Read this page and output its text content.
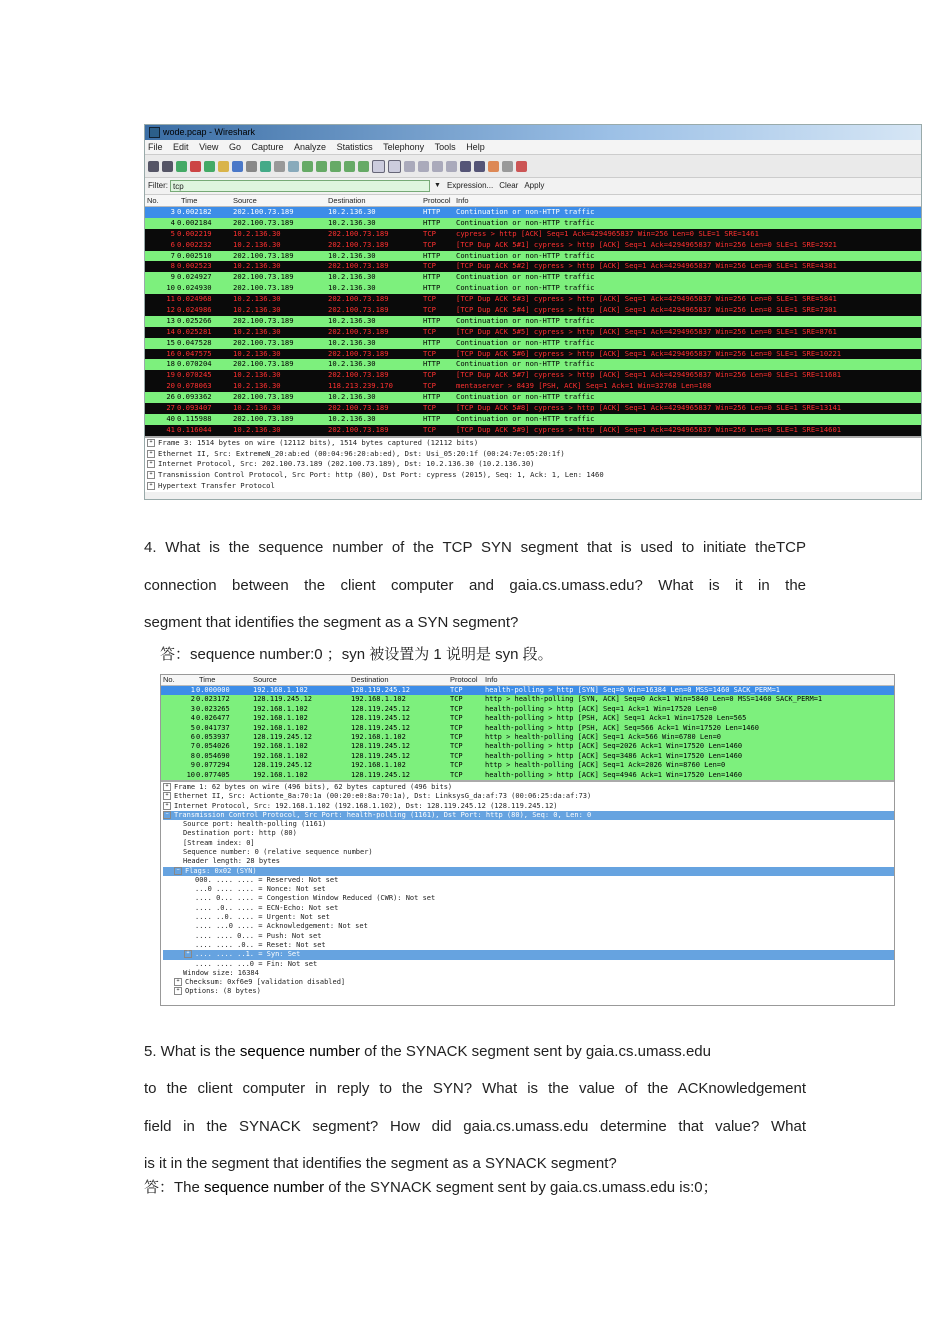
wode.pcap - Wireshark
File Edit View Go Capture Analyze Statistics Telephony Tools Help
Filter: tcp	▼ Expression... Clear Apply
No.	Time	Source	Destination	Protocol Info
3 0.002182	202.100.73.189	10.2.136.30	HTTP Continuation or non-HTTP traffic
4 0.002184	202.100.73.189	10.2.136.30	HTTP Continuation or non-HTTP traffic
5 0.002219	10.2.136.30	202.100.73.189	TCP	cypress > http [ACK] Seq=1 Ack=4294965837 Win=256 Len=0 SLE=1 SRE=1461
6 0.002232	10.2.136.30	202.100.73.189	TCP	[TCP Dup ACK 5#1] cypress > http [ACK] Seq=1 Ack=4294965837 Win=256 Len=0 SLE=1 SRE=2921
7 0.002510	202.100.73.189	10.2.136.30	HTTP Continuation or non-HTTP traffic
8 0.002523	10.2.136.30	202.100.73.189	TCP	[TCP Dup ACK 5#2] cypress > http [ACK] Seq=1 Ack=4294965837 Win=256 Len=0 SLE=1 SRE=4381
9 0.024927	202.100.73.189	10.2.136.30	HTTP Continuation or non-HTTP traffic
10 0.024930	202.100.73.189	10.2.136.30	HTTP Continuation or non-HTTP traffic
11 0.024968	10.2.136.30	202.100.73.189	TCP	[TCP Dup ACK 5#3] cypress > http [ACK] Seq=1 Ack=4294965837 Win=256 Len=0 SLE=1 SRE=5841
12 0.024986	10.2.136.30	202.100.73.189	TCP	[TCP Dup ACK 5#4] cypress > http [ACK] Seq=1 Ack=4294965837 Win=256 Len=0 SLE=1 SRE=7301
13 0.025266	202.100.73.189	10.2.136.30	HTTP Continuation or non-HTTP traffic
14 0.025281	10.2.136.30	202.100.73.189	TCP	[TCP Dup ACK 5#5] cypress > http [ACK] Seq=1 Ack=4294965837 Win=256 Len=0 SLE=1 SRE=8761
15 0.047528	202.100.73.189	10.2.136.30	HTTP Continuation or non-HTTP traffic
16 0.047575	10.2.136.30	202.100.73.189	TCP	[TCP Dup ACK 5#6] cypress > http [ACK] Seq=1 Ack=4294965837 Win=256 Len=0 SLE=1 SRE=10221
18 0.070204	202.100.73.189	10.2.136.30	HTTP Continuation or non-HTTP traffic
19 0.070245	10.2.136.30	202.100.73.189	TCP	[TCP Dup ACK 5#7] cypress > http [ACK] Seq=1 Ack=4294965837 Win=256 Len=0 SLE=1 SRE=11681
20 0.078063	10.2.136.30	118.213.239.170	TCP	mentaserver > 8439 [PSH, ACK] Seq=1 Ack=1 Win=32768 Len=108
26 0.093362	202.100.73.189	10.2.136.30	HTTP Continuation or non-HTTP traffic
27 0.093407	10.2.136.30	202.100.73.189	TCP	[TCP Dup ACK 5#8] cypress > http [ACK] Seq=1 Ack=4294965837 Win=256 Len=0 SLE=1 SRE=13141
40 0.115988	202.100.73.189	10.2.136.30	HTTP Continuation or non-HTTP traffic
41 0.116044	10.2.136.30	202.100.73.189	TCP	[TCP Dup ACK 5#9] cypress > http [ACK] Seq=1 Ack=4294965837 Win=256 Len=0 SLE=1 SRE=14601
+ Frame 3: 1514 bytes on wire (12112 bits), 1514 bytes captured (12112 bits)
+ Ethernet II, Src: ExtremeN_20:ab:ed (00:04:96:20:ab:ed), Dst: Usi_05:20:1f (00:24:7e:05:20:1f)
+ Internet Protocol, Src: 202.100.73.189 (202.100.73.189), Dst: 10.2.136.30 (10.2.136.30)
+ Transmission Control Protocol, Src Port: http (80), Dst Port: cypress (2015), Seq: 1, Ack: 1, Len: 1460
+ Hypertext Transfer Protocol
4. What is the sequence number of the TCP SYN segment that is used to initiate theTCP
connection between the client computer and gaia.cs.umass.edu? What is it in the
segment that identifies the segment as a SYN segment?
答：sequence number:0 ；syn 被设置为 1 说明是 syn 段。
No.	Time	Source	Destination	Protocol Info
1 0.000000	192.168.1.102	128.119.245.12	TCP	health-polling > http [SYN] Seq=0 Win=16384 Len=0 MSS=1460 SACK_PERM=1
2 0.023172	128.119.245.12	192.168.1.102	TCP	http > health-polling [SYN, ACK] Seq=0 Ack=1 Win=5840 Len=0 MSS=1460 SACK_PERM=1
3 0.023265	192.168.1.102	128.119.245.12	TCP	health-polling > http [ACK] Seq=1 Ack=1 Win=17520 Len=0
4 0.026477	192.168.1.102	128.119.245.12	TCP	health-polling > http [PSH, ACK] Seq=1 Ack=1 Win=17520 Len=565
5 0.041737	192.168.1.102	128.119.245.12	TCP	health-polling > http [PSH, ACK] Seq=566 Ack=1 Win=17520 Len=1460
6 0.053937	128.119.245.12	192.168.1.102	TCP	http > health-polling [ACK] Seq=1 Ack=566 Win=6780 Len=0
7 0.054026	192.168.1.102	128.119.245.12	TCP	health-polling > http [ACK] Seq=2026 Ack=1 Win=17520 Len=1460
8 0.054690	192.168.1.102	128.119.245.12	TCP	health-polling > http [ACK] Seq=3486 Ack=1 Win=17520 Len=1460
9 0.077294	128.119.245.12	192.168.1.102	TCP	http > health-polling [ACK] Seq=1 Ack=2026 Win=8760 Len=0
10 0.077405	192.168.1.102	128.119.245.12	TCP	health-polling > http [ACK] Seq=4946 Ack=1 Win=17520 Len=1460
+ Frame 1: 62 bytes on wire (496 bits), 62 bytes captured (496 bits)
+ Ethernet II, Src: Actionte_8a:70:1a (00:20:e0:8a:70:1a), Dst: LinksysG_da:af:73 (00:06:25:da:af:73)
+ Internet Protocol, Src: 192.168.1.102 (192.168.1.102), Dst: 128.119.245.12 (128.119.245.12)
− Transmission Control Protocol, Src Port: health-polling (1161), Dst Port: http (80), Seq: 0, Len: 0
Source port: health-polling (1161)
Destination port: http (80)
[Stream index: 0]
Sequence number: 0 (relative sequence number)
Header length: 28 bytes
− Flags: 0x02 (SYN)
000. .... .... = Reserved: Not set
...0 .... .... = Nonce: Not set
.... 0... .... = Congestion Window Reduced (CWR): Not set
.... .0.. .... = ECN-Echo: Not set
.... ..0. .... = Urgent: Not set
.... ...0 .... = Acknowledgement: Not set
.... .... 0... = Push: Not set
.... .... .0.. = Reset: Not set
+ .... .... ..1. = Syn: Set
.... .... ...0 = Fin: Not set
Window size: 16384
+ Checksum: 0xf6e9 [validation disabled]
+ Options: (8 bytes)
5. What is the sequence number of the SYNACK segment sent by gaia.cs.umass.edu
to the client computer in reply to the SYN? What is the value of the ACKnowledgement
field in the SYNACK segment? How did gaia.cs.umass.edu determine that value? What
is it in the segment that identifies the segment as a SYNACK segment?
答：The sequence number of the SYNACK segment sent by gaia.cs.umass.edu is:0；
